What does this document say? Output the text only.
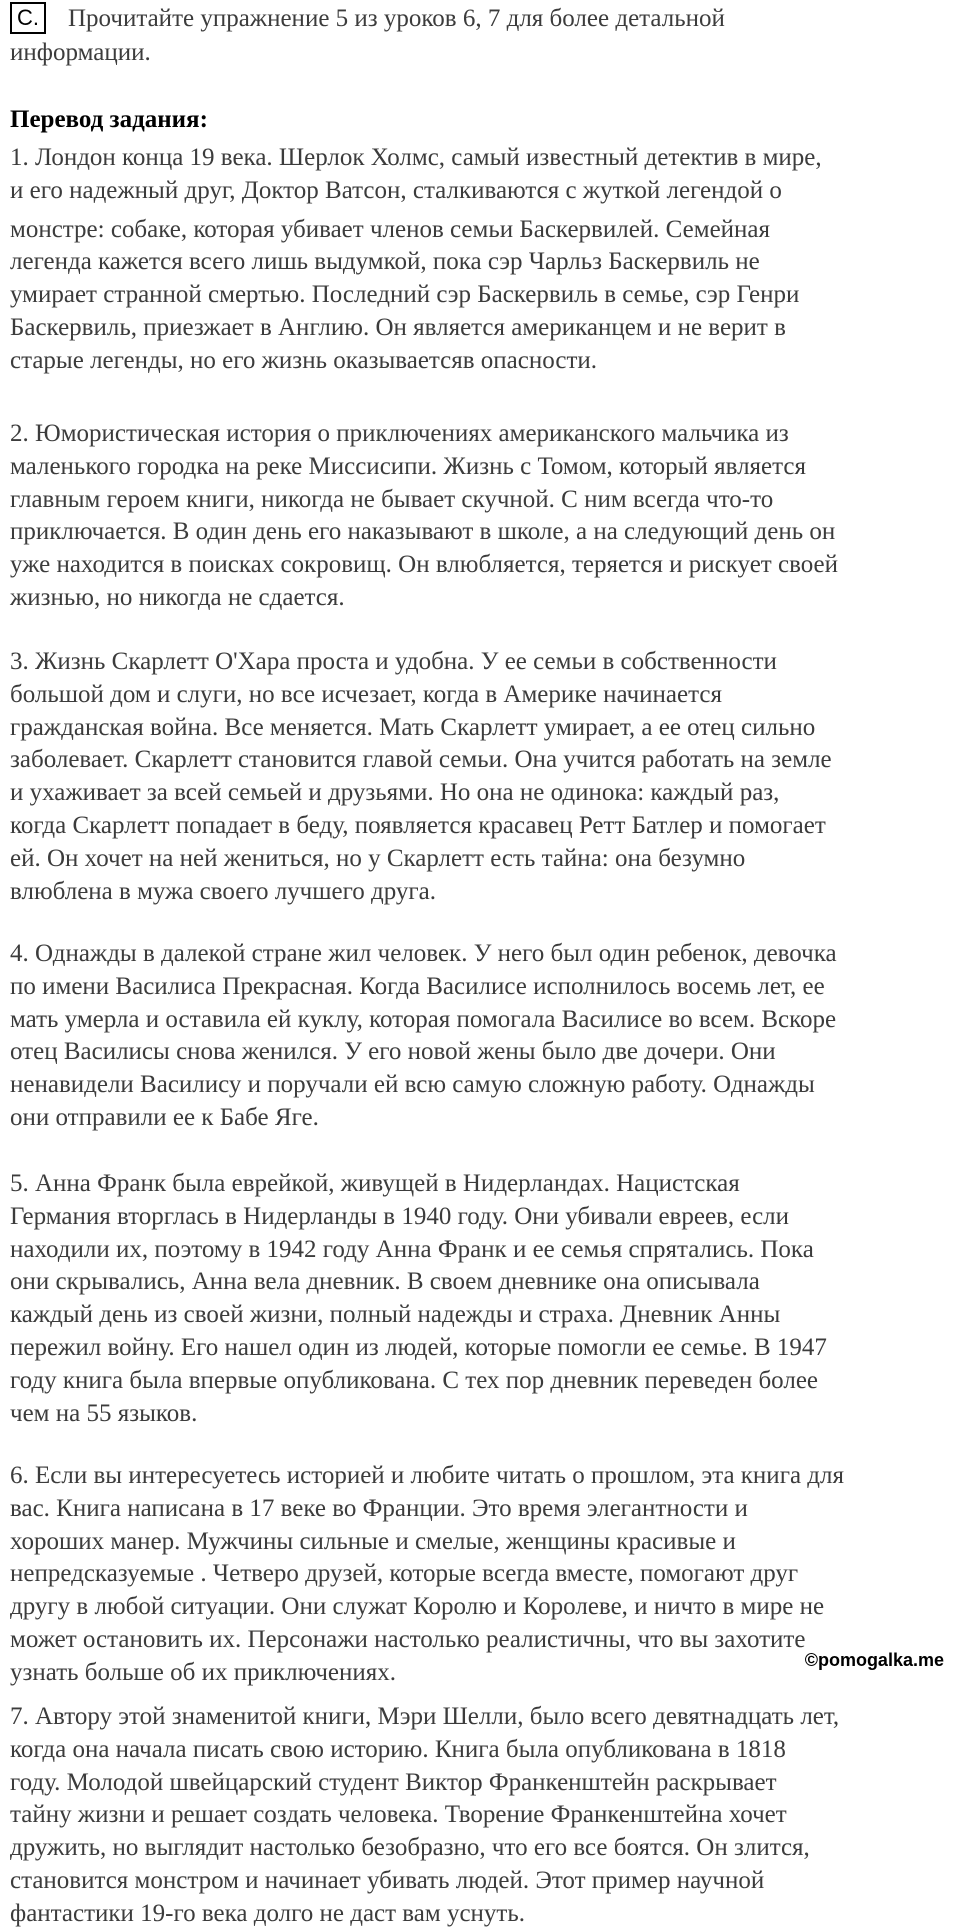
C. Прочитайте упражнение 5 из уроков 6, 7 для более детальной
информации.
Перевод задания:
1. Лондон конца 19 века. Шерлок Холмс, самый известный детектив в мире,
и его надежный друг, Доктор Ватсон, сталкиваются с жуткой легендой о
монстре: собаке, которая убивает членов семьи Баскервилей. Семейная
легенда кажется всего лишь выдумкой, пока сэр Чарльз Баскервиль не
умирает странной смертью. Последний сэр Баскервиль в семье, сэр Генри
Баскервиль, приезжает в Англию. Он является американцем и не верит в
старые легенды, но его жизнь оказываетсяв опасности.
2. Юмористическая история о приключениях американского мальчика из
маленького городка на реке Миссисипи. Жизнь с Томом, который является
главным героем книги, никогда не бывает скучной. С ним всегда что-то
приключается. В один день его наказывают в школе, а на следующий день он
уже находится в поисках сокровищ. Он влюбляется, теряется и рискует своей
жизнью, но никогда не сдается.
3. Жизнь Скарлетт О'Хара проста и удобна. У ее семьи в собственности
большой дом и слуги, но все исчезает, когда в Америке начинается
гражданская война. Все меняется. Мать Скарлетт умирает, а ее отец сильно
заболевает. Скарлетт становится главой семьи. Она учится работать на земле
и ухаживает за всей семьей и друзьями. Но она не одинока: каждый раз,
когда Скарлетт попадает в беду, появляется красавец Ретт Батлер и помогает
ей. Он хочет на ней жениться, но у Скарлетт есть тайна: она безумно
влюблена в мужа своего лучшего друга.
4. Однажды в далекой стране жил человек. У него был один ребенок, девочка
по имени Василиса Прекрасная. Когда Василисе исполнилось восемь лет, ее
мать умерла и оставила ей куклу, которая помогала Василисе во всем. Вскоре
отец Василисы снова женился. У его новой жены было две дочери. Они
ненавидели Василису и поручали ей всю самую сложную работу. Однажды
они отправили ее к Бабе Яге.
5. Анна Франк была еврейкой, живущей в Нидерландах. Нацистская
Германия вторглась в Нидерланды в 1940 году. Они убивали евреев, если
находили их, поэтому в 1942 году Анна Франк и ее семья спрятались. Пока
они скрывались, Анна вела дневник. В своем дневнике она описывала
каждый день из своей жизни, полный надежды и страха. Дневник Анны
пережил войну. Его нашел один из людей, которые помогли ее семье. В 1947
году книга была впервые опубликована. С тех пор дневник переведен более
чем на 55 языков.
6. Если вы интересуетесь историей и любите читать о прошлом, эта книга для
вас. Книга написана в 17 веке во Франции. Это время элегантности и
хороших манер. Мужчины сильные и смелые, женщины красивые и
непредсказуемые . Четверо друзей, которые всегда вместе, помогают друг
другу в любой ситуации. Они служат Королю и Королеве, и ничто в мире не
может остановить их. Персонажи настолько реалистичны, что вы захотите
узнать больше об их приключениях.
7. Автору этой знаменитой книги, Мэри Шелли, было всего девятнадцать лет,
когда она начала писать свою историю. Книга была опубликована в 1818
году. Молодой швейцарский студент Виктор Франкенштейн раскрывает
тайну жизни и решает создать человека. Творение Франкенштейна хочет
дружить, но выглядит настолько безобразно, что его все боятся. Он злится,
становится монстром и начинает убивать людей. Этот пример научной
фантастики 19-го века долго не даст вам уснуть.
©pomogalka.me
